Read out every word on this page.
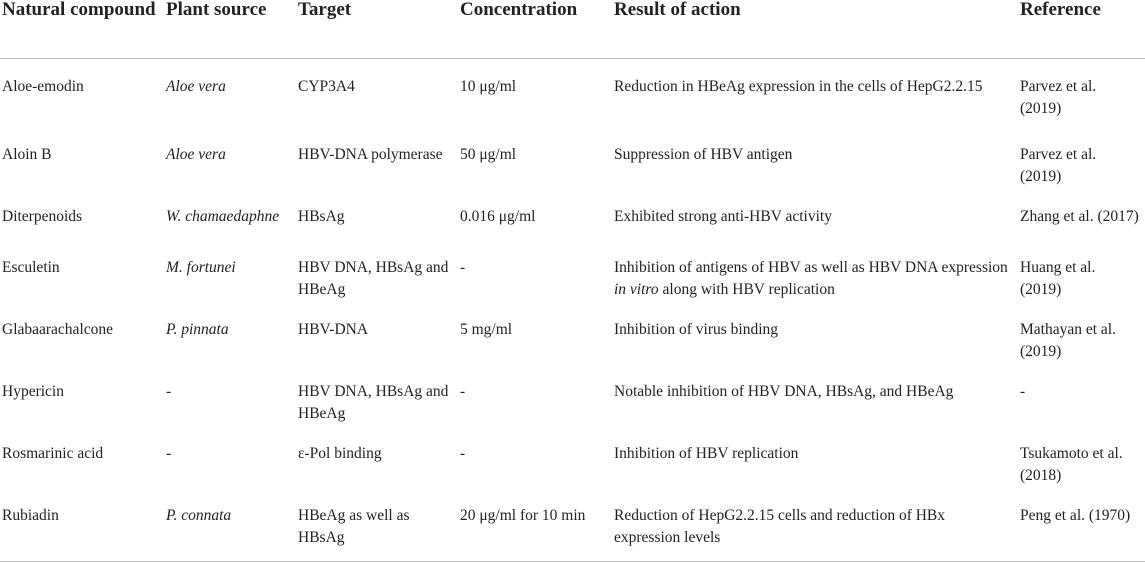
Natural compound	Plant source	Target	Concentration	Result of action	Reference
Aloe-emodin	Aloe vera	CYP3A4	10 μg/ml	Reduction in HBeAg expression in the cells of HepG2.2.15	Parvez et al. (2019)
Aloin B	Aloe vera	HBV-DNA polymerase	50 μg/ml	Suppression of HBV antigen	Parvez et al. (2019)
Diterpenoids	W. chamaedaphne	HBsAg	0.016 μg/ml	Exhibited strong anti-HBV activity	Zhang et al. (2017)
Esculetin	M. fortunei	HBV DNA, HBsAg and HBeAg	-	Inhibition of antigens of HBV as well as HBV DNA expression in vitro along with HBV replication	Huang et al. (2019)
Glabaarachalcone	P. pinnata	HBV-DNA	5 mg/ml	Inhibition of virus binding	Mathayan et al. (2019)
Hypericin	-	HBV DNA, HBsAg and HBeAg	-	Notable inhibition of HBV DNA, HBsAg, and HBeAg	-
Rosmarinic acid	-	ε-Pol binding	-	Inhibition of HBV replication	Tsukamoto et al. (2018)
Rubiadin	P. connata	HBeAg as well as HBsAg	20 μg/ml for 10 min	Reduction of HepG2.2.15 cells and reduction of HBx expression levels	Peng et al. (1970)
